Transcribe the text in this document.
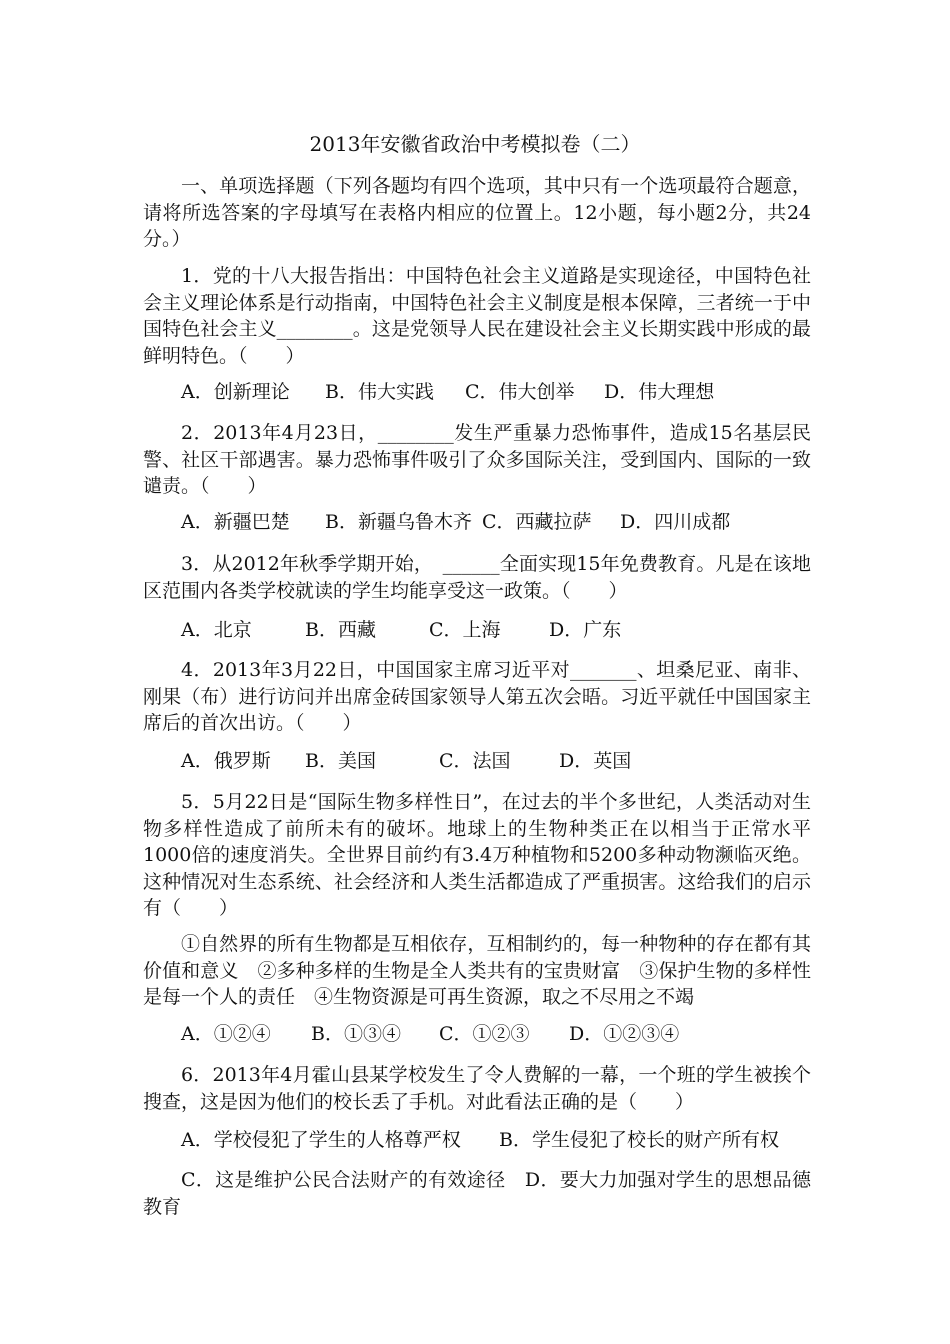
2013年安徽省政治中考模拟卷（二）

一、单项选择题（下列各题均有四个选项，其中只有一个选项最符合题意，请将所选答案的字母填写在表格内相应的位置上。12小题，每小题2分，共24分。）

1．党的十八大报告指出：中国特色社会主义道路是实现途径，中国特色社会主义理论体系是行动指南，中国特色社会主义制度是根本保障，三者统一于中国特色社会主义________。这是党领导人民在建设社会主义长期实践中形成的最鲜明特色。（　　）

A．创新理论 B．伟大实践 C．伟大创举 D．伟大理想

2．2013年4月23日，________发生严重暴力恐怖事件，造成15名基层民警、社区干部遇害。暴力恐怖事件吸引了众多国际关注，受到国内、国际的一致谴责。（　　）

A．新疆巴楚 B．新疆乌鲁木齐 C．西藏拉萨 D．四川成都

3．从2012年秋季学期开始，　______全面实现15年免费教育。凡是在该地区范围内各类学校就读的学生均能享受这一政策。（　　）

A．北京	B．西藏	C．上海	D．广东

4．2013年3月22日，中国国家主席习近平对_______、坦桑尼亚、南非、刚果（布）进行访问并出席金砖国家领导人第五次会晤。习近平就任中国国家主席后的首次出访。（　　）

A．俄罗斯 B．美国	C．法国	D．英国

5．5月22日是“国际生物多样性日”，在过去的半个多世纪，人类活动对生物多样性造成了前所未有的破坏。地球上的生物种类正在以相当于正常水平1000倍的速度消失。全世界目前约有3.4万种植物和5200多种动物濒临灭绝。这种情况对生态系统、社会经济和人类生活都造成了严重损害。这给我们的启示有（　　）

①自然界的所有生物都是互相依存，互相制约的，每一种物种的存在都有其价值和意义　②多种多样的生物是全人类共有的宝贵财富　③保护生物的多样性是每一个人的责任　④生物资源是可再生资源，取之不尽用之不竭

A．①②④ B．①③④ C．①②③ D．①②③④

6．2013年4月霍山县某学校发生了令人费解的一幕，一个班的学生被挨个搜查，这是因为他们的校长丢了手机。对此看法正确的是（　　）

A．学校侵犯了学生的人格尊严权 B．学生侵犯了校长的财产所有权

C．这是维护公民合法财产的有效途径　 D．要大力加强对学生的思想品德教育
